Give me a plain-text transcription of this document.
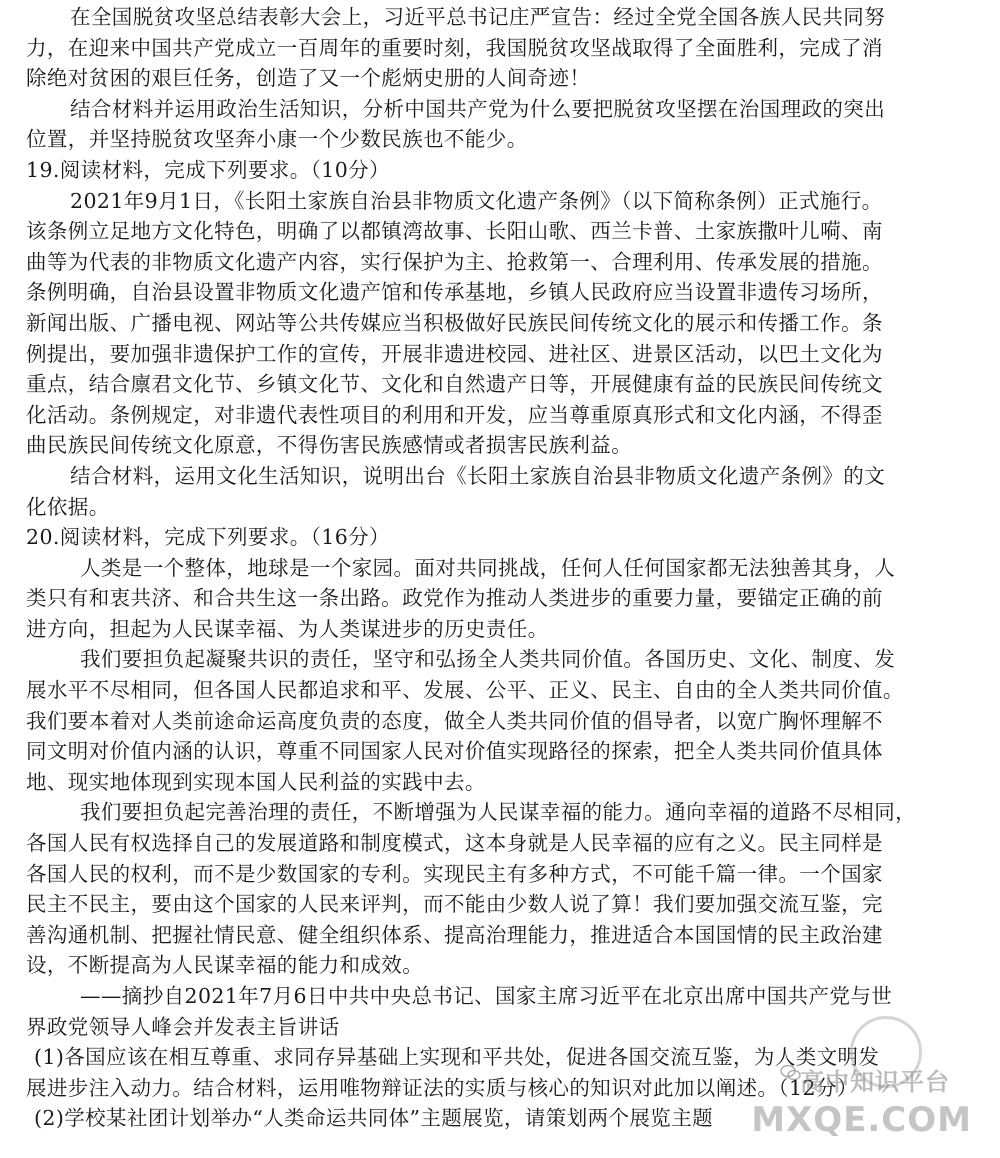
在全国脱贫攻坚总结表彰大会上，习近平总书记庄严宣告：经过全党全国各族人民共同努
力，在迎来中国共产党成立一百周年的重要时刻，我国脱贫攻坚战取得了全面胜利，完成了消
除绝对贫困的艰巨任务，创造了又一个彪炳史册的人间奇迹！
结合材料并运用政治生活知识，分析中国共产党为什么要把脱贫攻坚摆在治国理政的突出
位置，并坚持脱贫攻坚奔小康一个少数民族也不能少。
19.阅读材料，完成下列要求。（10分）
2021年9月1日，《长阳土家族自治县非物质文化遗产条例》（以下简称条例）正式施行。
该条例立足地方文化特色，明确了以都镇湾故事、长阳山歌、西兰卡普、土家族撒叶儿嗬、南
曲等为代表的非物质文化遗产内容，实行保护为主、抢救第一、合理利用、传承发展的措施。
条例明确，自治县设置非物质文化遗产馆和传承基地，乡镇人民政府应当设置非遗传习场所，
新闻出版、广播电视、网站等公共传媒应当积极做好民族民间传统文化的展示和传播工作。条
例提出，要加强非遗保护工作的宣传，开展非遗进校园、进社区、进景区活动，以巴土文化为
重点，结合廪君文化节、乡镇文化节、文化和自然遗产日等，开展健康有益的民族民间传统文
化活动。条例规定，对非遗代表性项目的利用和开发，应当尊重原真形式和文化内涵，不得歪
曲民族民间传统文化原意，不得伤害民族感情或者损害民族利益。
结合材料，运用文化生活知识，说明出台《长阳土家族自治县非物质文化遗产条例》的文
化依据。
20.阅读材料，完成下列要求。（16分）
人类是一个整体，地球是一个家园。面对共同挑战，任何人任何国家都无法独善其身，人
类只有和衷共济、和合共生这一条出路。政党作为推动人类进步的重要力量，要锚定正确的前
进方向，担起为人民谋幸福、为人类谋进步的历史责任。
我们要担负起凝聚共识的责任，坚守和弘扬全人类共同价值。各国历史、文化、制度、发
展水平不尽相同，但各国人民都追求和平、发展、公平、正义、民主、自由的全人类共同价值。
我们要本着对人类前途命运高度负责的态度，做全人类共同价值的倡导者，以宽广胸怀理解不
同文明对价值内涵的认识，尊重不同国家人民对价值实现路径的探索，把全人类共同价值具体
地、现实地体现到实现本国人民利益的实践中去。
我们要担负起完善治理的责任，不断增强为人民谋幸福的能力。通向幸福的道路不尽相同，
各国人民有权选择自己的发展道路和制度模式，这本身就是人民幸福的应有之义。民主同样是
各国人民的权利，而不是少数国家的专利。实现民主有多种方式，不可能千篇一律。一个国家
民主不民主，要由这个国家的人民来评判，而不能由少数人说了算！我们要加强交流互鉴，完
善沟通机制、把握社情民意、健全组织体系、提高治理能力，推进适合本国国情的民主政治建
设，不断提高为人民谋幸福的能力和成效。
——摘抄自2021年7月6日中共中央总书记、国家主席习近平在北京出席中国共产党与世
界政党领导人峰会并发表主旨讲话
(1)各国应该在相互尊重、求同存异基础上实现和平共处，促进各国交流互鉴，为人类文明发
展进步注入动力。结合材料，运用唯物辩证法的实质与核心的知识对此加以阐述。（12分）
(2)学校某社团计划举办“人类命运共同体”主题展览，请策划两个展览主题
高中知识平台
MXQE.COM
